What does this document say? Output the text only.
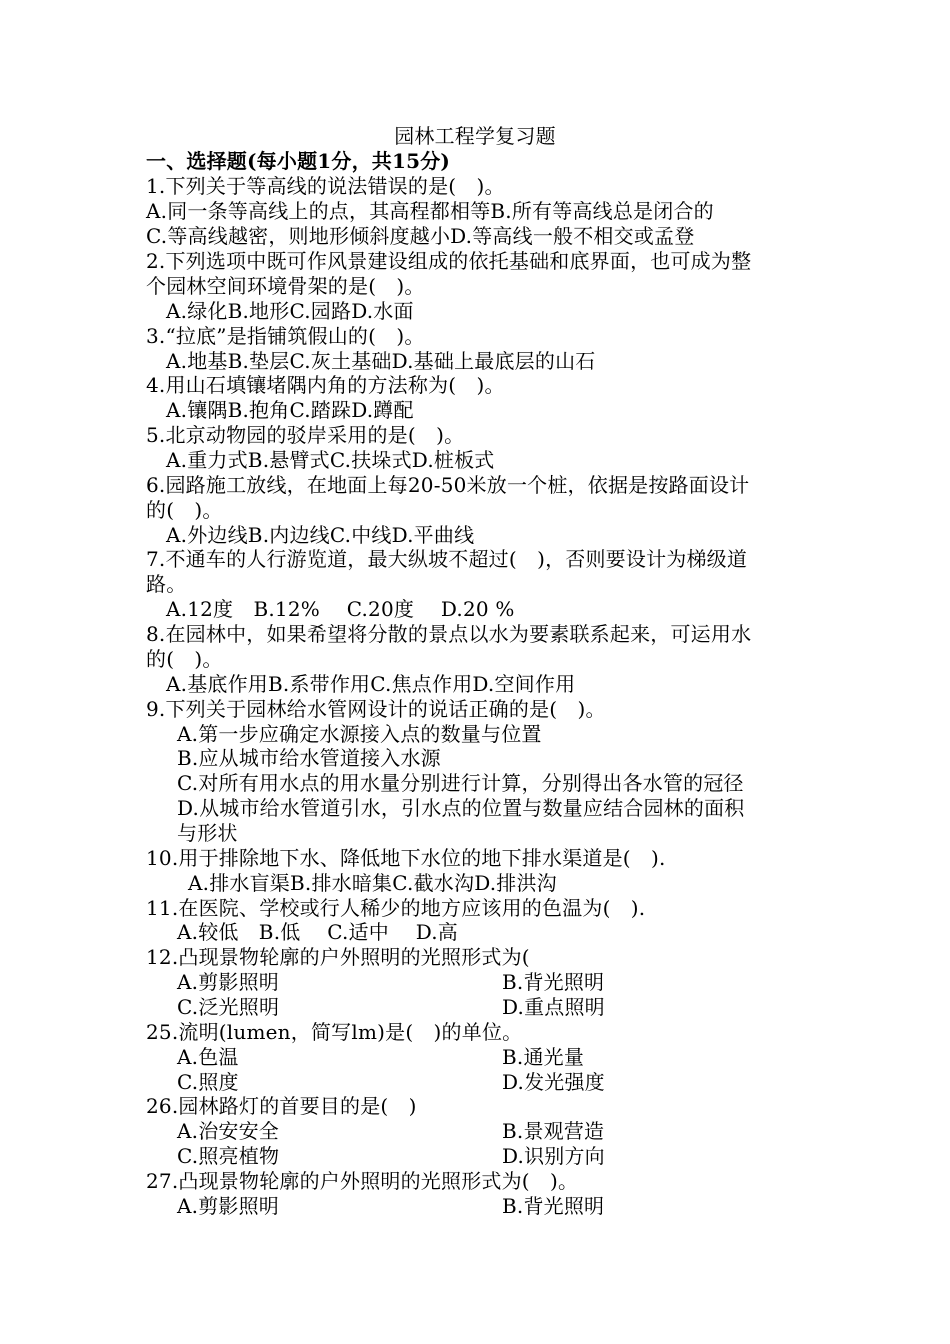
园林工程学复习题
一、选择题(每小题1分，共15分)
1.下列关于等高线的说法错误的是(　)。
A.同一条等高线上的点，其高程都相等B.所有等高线总是闭合的
C.等高线越密，则地形倾斜度越小D.等高线一般不相交或孟登
2.下列选项中既可作风景建设组成的依托基础和底界面，也可成为整
个园林空间环境骨架的是(　)。
A.绿化B.地形C.园路D.水面
3.“拉底”是指铺筑假山的(　)。
A.地基B.垫层C.灰土基础D.基础上最底层的山石
4.用山石填镶堵隅内角的方法称为(　)。
A.镶隅B.抱角C.踏跺D.蹲配
5.北京动物园的驳岸采用的是(　)。
A.重力式B.悬臂式C.扶垛式D.桩板式
6.园路施工放线，在地面上每20-50米放一个桩，依据是按路面设计
的(　)。
A.外边线B.内边线C.中线D.平曲线
7.不通车的人行游览道，最大纵坡不超过(　)，否则要设计为梯级道
路。
A.12度　B.12%　 C.20度　 D.20 %
8.在园林中，如果希望将分散的景点以水为要素联系起来，可运用水
的(　)。
A.基底作用B.系带作用C.焦点作用D.空间作用
9.下列关于园林给水管网设计的说话正确的是(　)。
A.第一步应确定水源接入点的数量与位置
B.应从城市给水管道接入水源
C.对所有用水点的用水量分别进行计算，分别得出各水管的冠径
D.从城市给水管道引水，引水点的位置与数量应结合园林的面积
与形状
10.用于排除地下水、降低地下水位的地下排水渠道是(　).
A.排水盲渠B.排水暗集C.截水沟D.排洪沟
11.在医院、学校或行人稀少的地方应该用的色温为(　).
A.较低　B.低　 C.适中　 D.高
12.凸现景物轮廓的户外照明的光照形式为(
A.剪影照明	B.背光照明
C.泛光照明	D.重点照明
25.流明(lumen，简写lm)是(　)的单位。
A.色温	B.通光量
C.照度	D.发光强度
26.园林路灯的首要目的是(　)
A.治安安全	B.景观营造
C.照亮植物	D.识别方向
27.凸现景物轮廓的户外照明的光照形式为(　)。
A.剪影照明	B.背光照明
